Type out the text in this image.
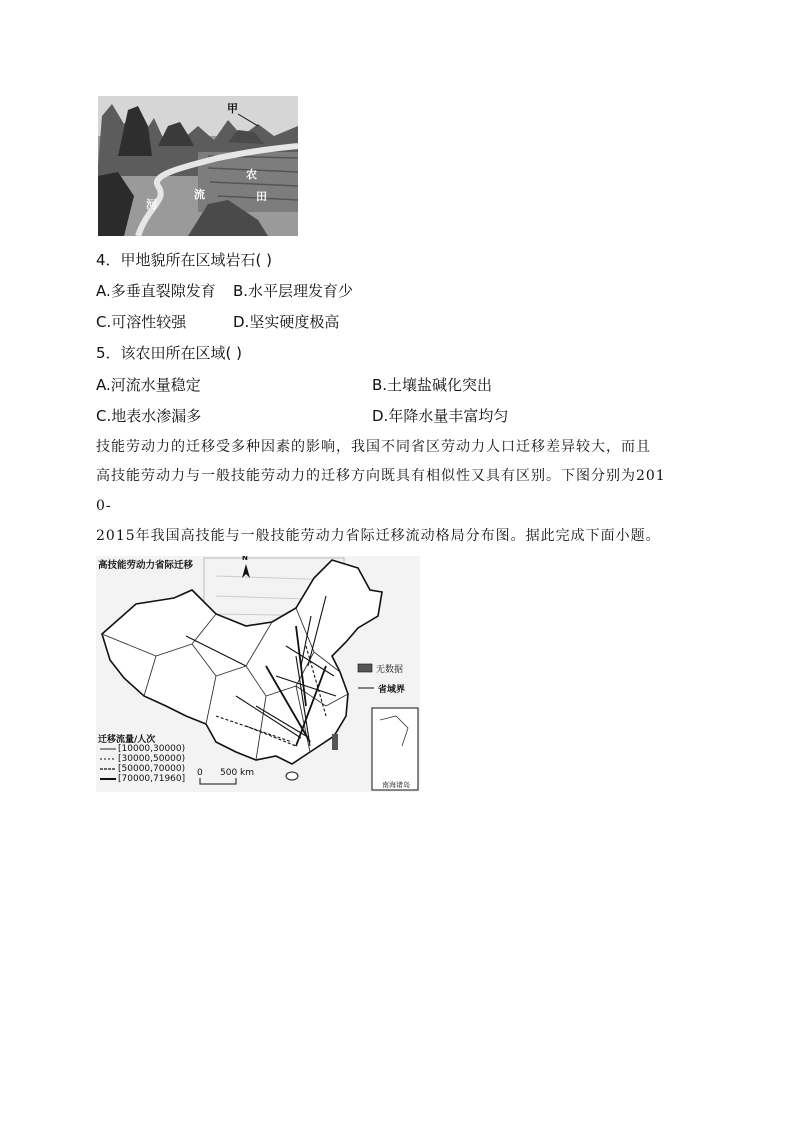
甲
农
田
流
河
4．甲地貌所在区域岩石( )
A.多垂直裂隙发育 B.水平层理发育少
C.可溶性较强	D.坚实硬度极高
5．该农田所在区域( )
A.河流水量稳定	B.土壤盐碱化突出
C.地表水渗漏多	D.年降水量丰富均匀
技能劳动力的迁移受多种因素的影响，我国不同省区劳动力人口迁移差异较大，而且
高技能劳动力与一般技能劳动力的迁移方向既具有相似性又具有区别。下图分别为201
0-
2015年我国高技能与一般技能劳动力省际迁移流动格局分布图。据此完成下面小题。
高技能劳动力省际迁移
N
无数据
省域界
迁移流量/人次
[10000,30000)
[30000,50000)
[50000,70000)
[70000,71960]
0 500 km
南海诸岛
